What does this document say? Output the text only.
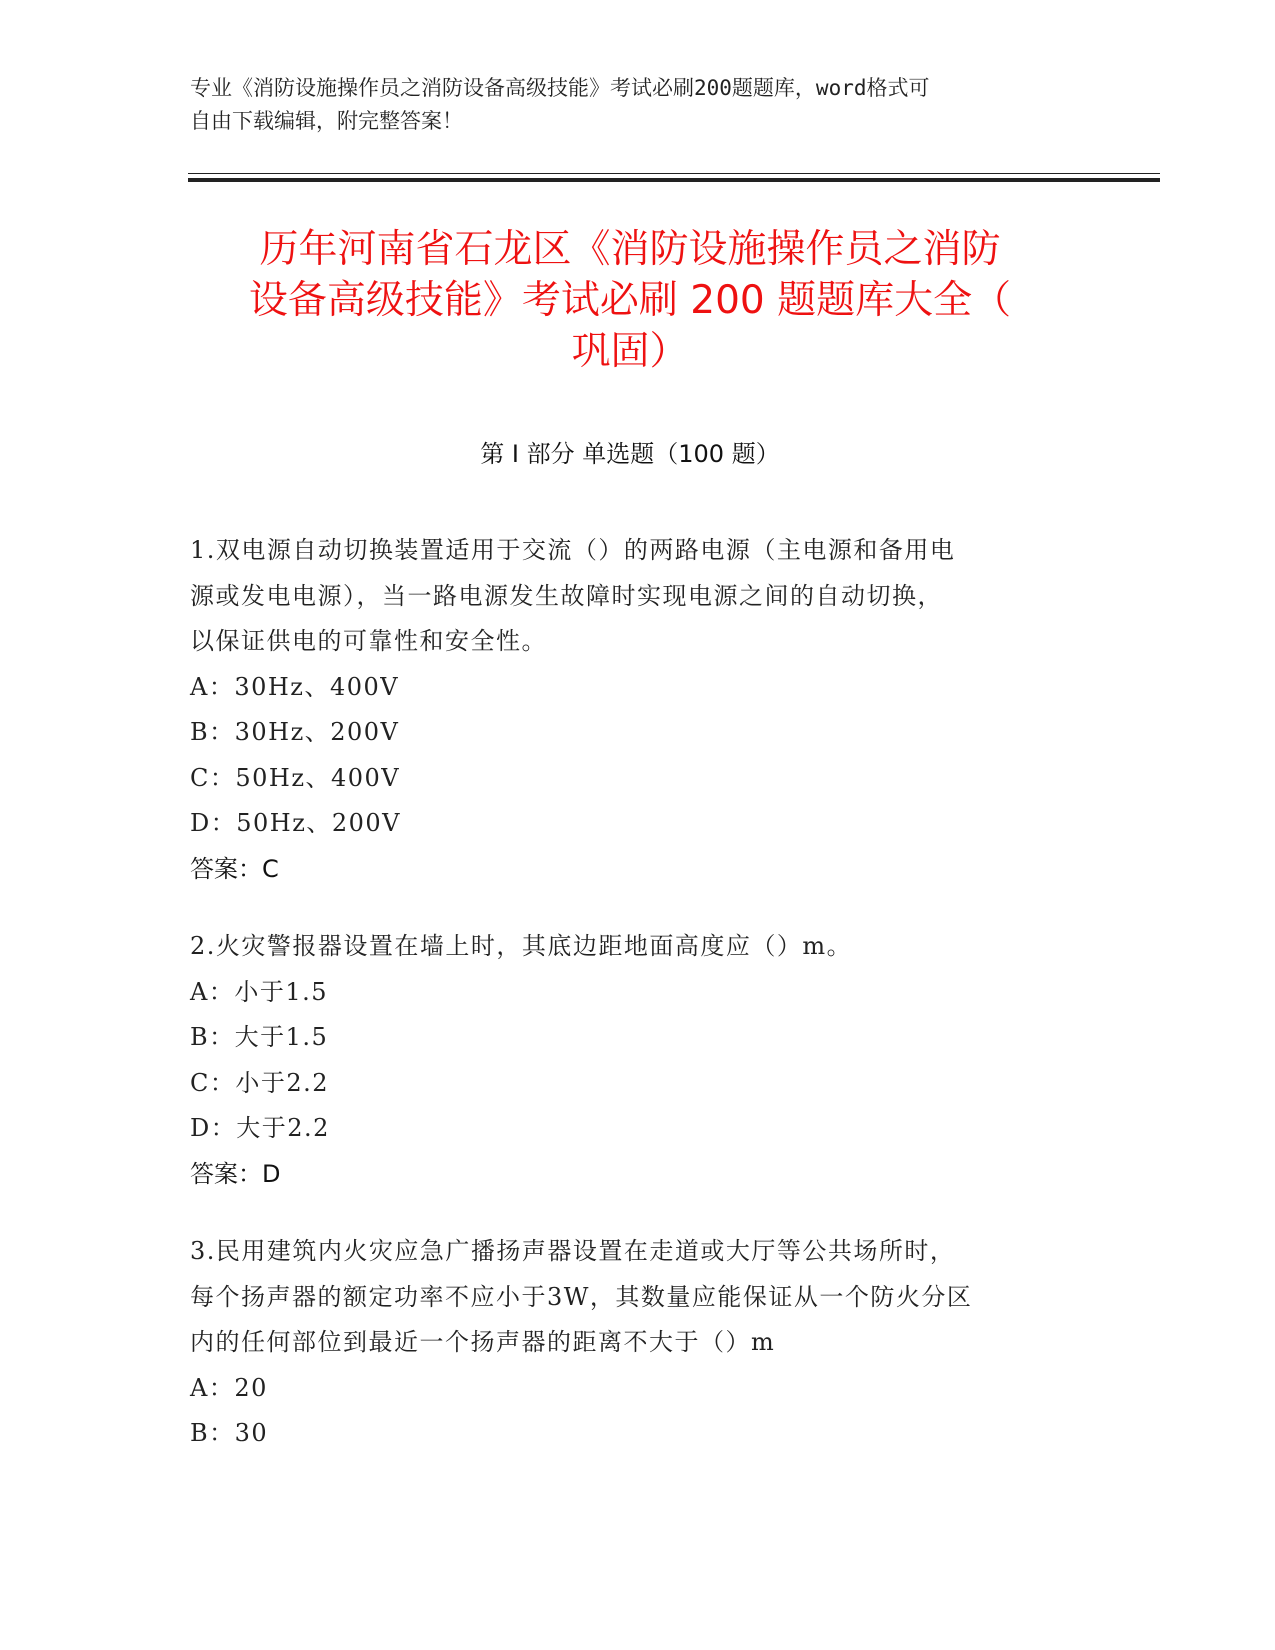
专业《消防设施操作员之消防设备高级技能》考试必刷200题题库，word格式可
自由下载编辑，附完整答案！
历年河南省石龙区《消防设施操作员之消防
设备高级技能》考试必刷 200 题题库大全（
巩固）
第 I 部分 单选题（100 题）

1.双电源自动切换装置适用于交流（）的两路电源（主电源和备用电

源或发电电源），当一路电源发生故障时实现电源之间的自动切换，

以保证供电的可靠性和安全性。

A：30Hz、400V

B：30Hz、200V

C：50Hz、400V

D：50Hz、200V

答案：C

2.火灾警报器设置在墙上时，其底边距地面高度应（）m。

A：小于1.5

B：大于1.5

C：小于2.2

D：大于2.2

答案：D

3.民用建筑内火灾应急广播扬声器设置在走道或大厅等公共场所时，

每个扬声器的额定功率不应小于3W，其数量应能保证从一个防火分区

内的任何部位到最近一个扬声器的距离不大于（）m

A：20

B：30
